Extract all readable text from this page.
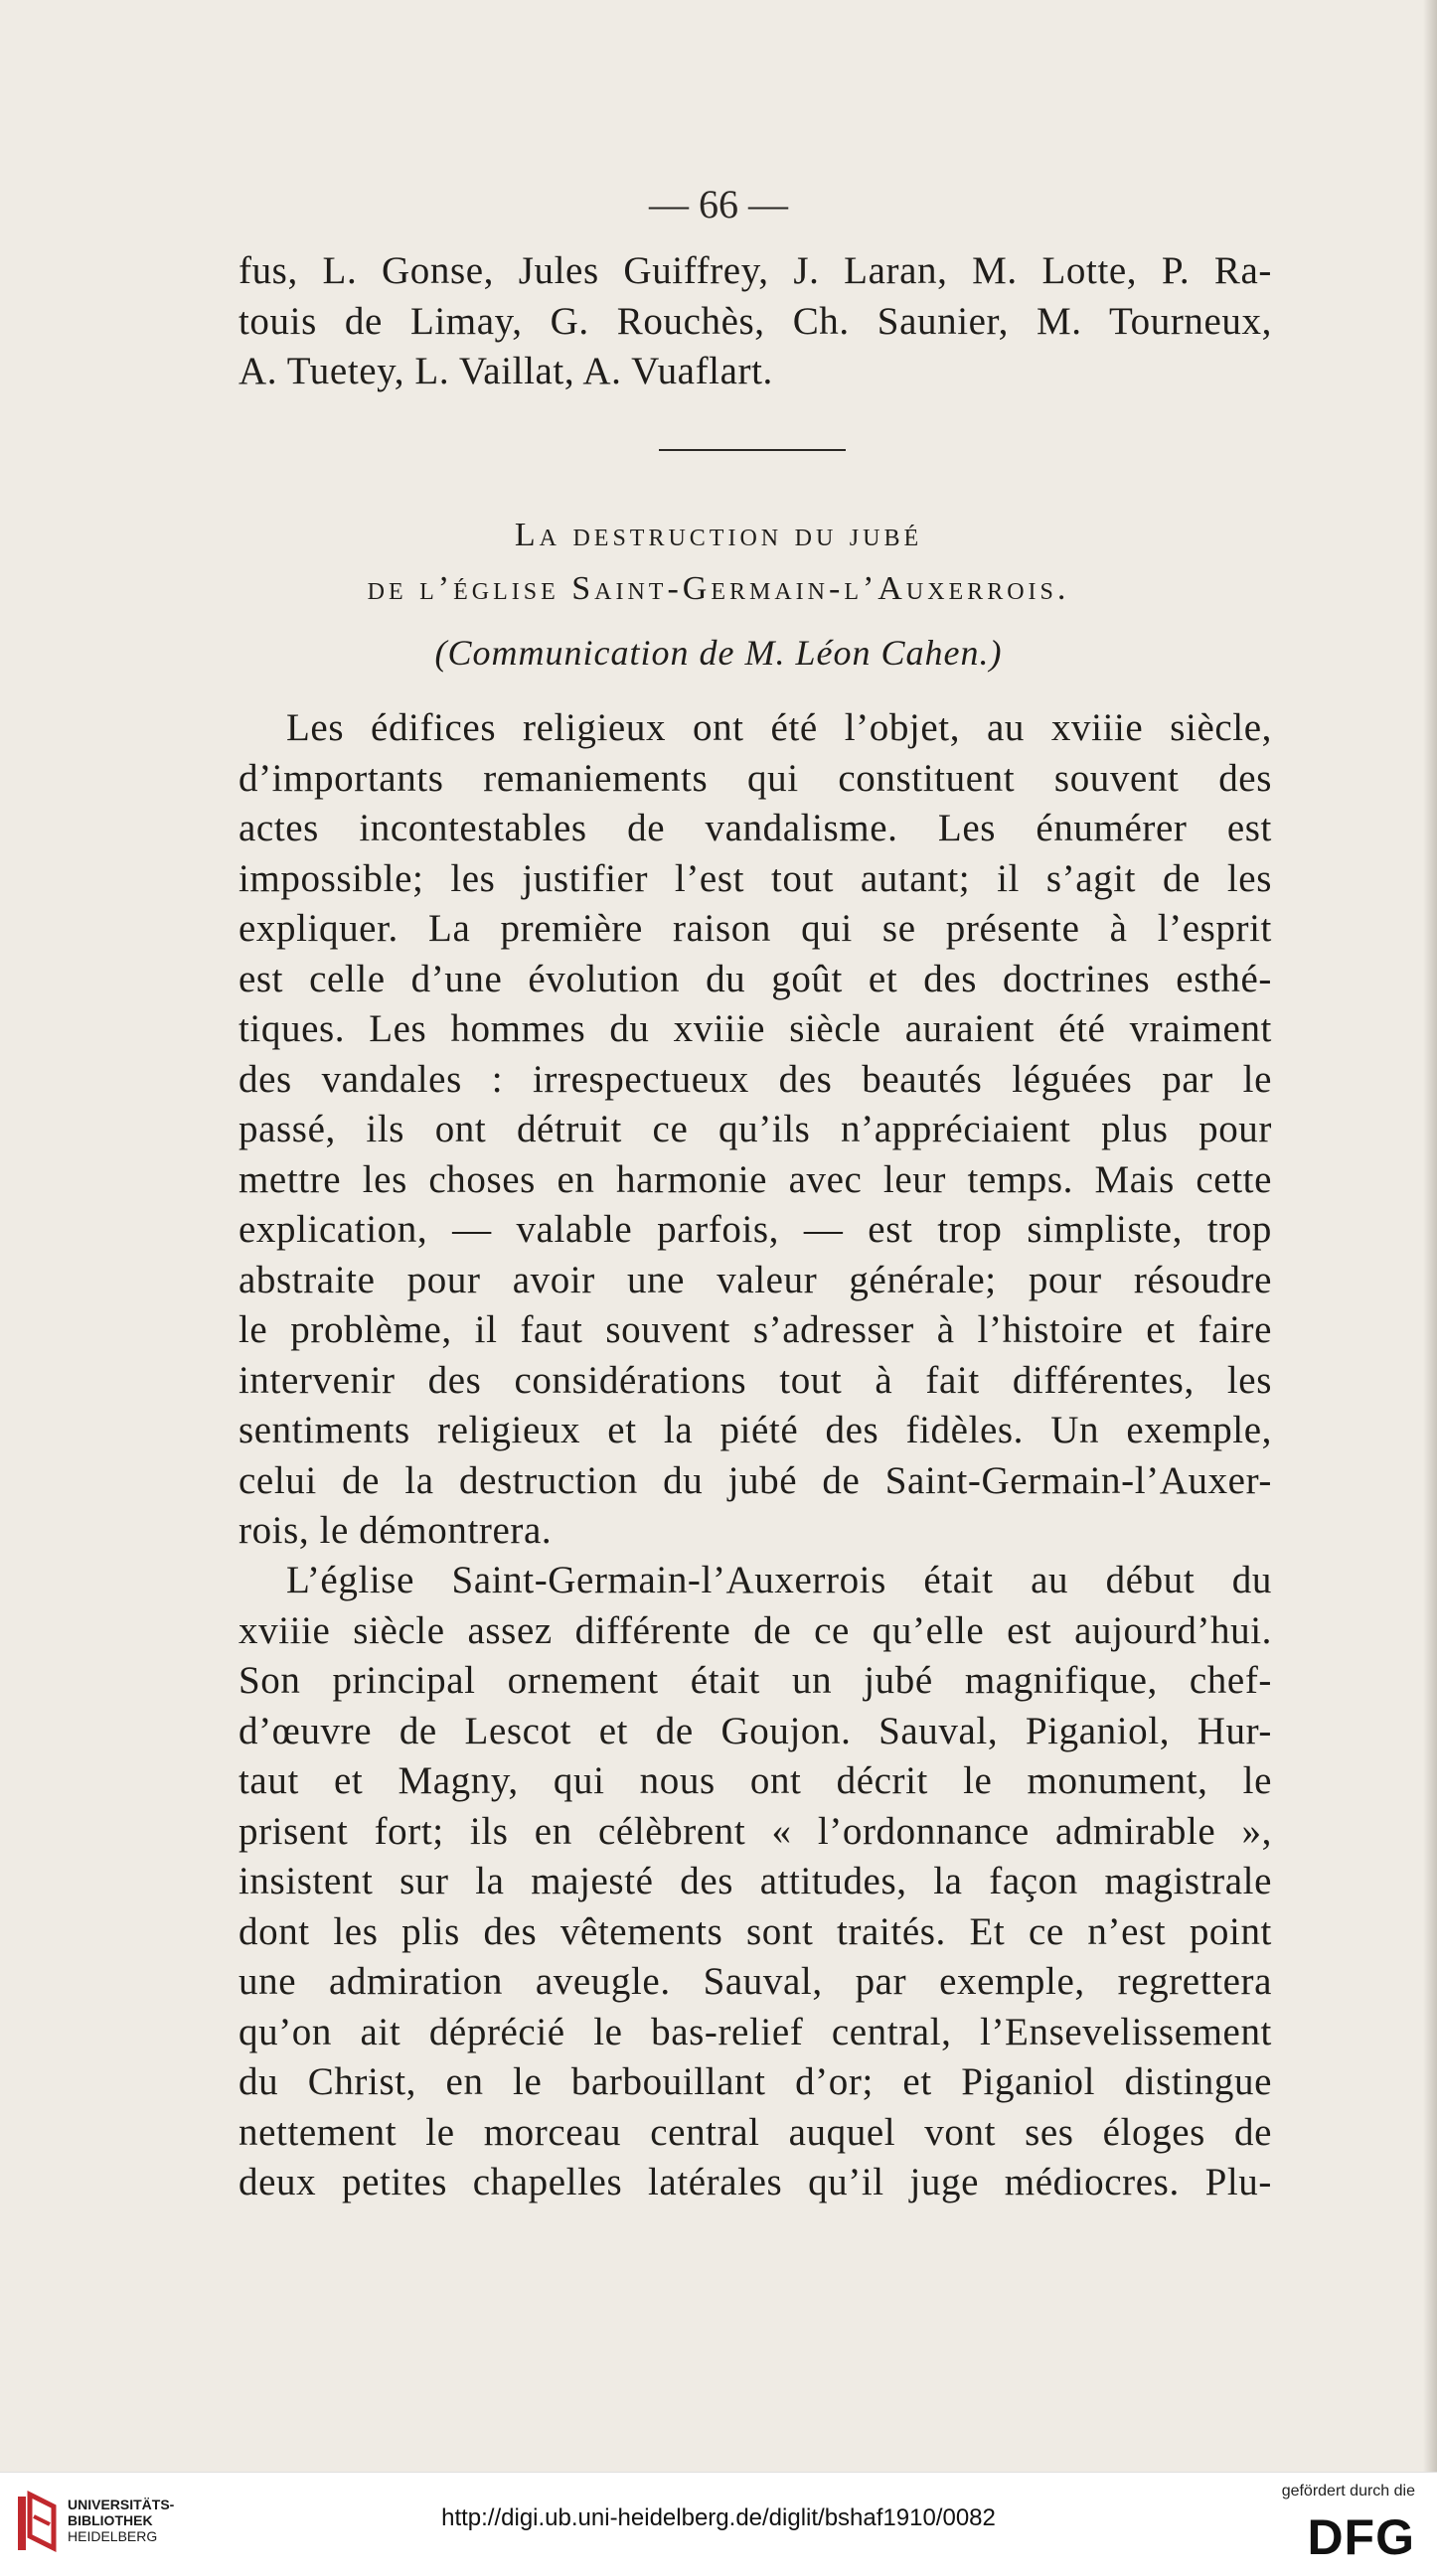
— 66 —
fus, L. Gonse, Jules Guiffrey, J. Laran, M. Lotte, P. Ra-
touis de Limay, G. Rouchès, Ch. Saunier, M. Tourneux,
A. Tuetey, L. Vaillat, A. Vuaflart.
La destruction du jubé
de l’église Saint-Germain-l’Auxerrois.
(Communication de M. Léon Cahen.)
Les édifices religieux ont été l’objet, au xviiie siècle,
d’importants remaniements qui constituent souvent des
actes incontestables de vandalisme. Les énumérer est
impossible; les justifier l’est tout autant; il s’agit de les
expliquer. La première raison qui se présente à l’esprit
est celle d’une évolution du goût et des doctrines esthé-
tiques. Les hommes du xviiie siècle auraient été vraiment
des vandales : irrespectueux des beautés léguées par le
passé, ils ont détruit ce qu’ils n’appréciaient plus pour
mettre les choses en harmonie avec leur temps. Mais cette
explication, — valable parfois, — est trop simpliste, trop
abstraite pour avoir une valeur générale; pour résoudre
le problème, il faut souvent s’adresser à l’histoire et faire
intervenir des considérations tout à fait différentes, les
sentiments religieux et la piété des fidèles. Un exemple,
celui de la destruction du jubé de Saint-Germain-l’Auxer-
rois, le démontrera.
L’église Saint-Germain-l’Auxerrois était au début du
xviiie siècle assez différente de ce qu’elle est aujourd’hui.
Son principal ornement était un jubé magnifique, chef-
d’œuvre de Lescot et de Goujon. Sauval, Piganiol, Hur-
taut et Magny, qui nous ont décrit le monument, le
prisent fort; ils en célèbrent « l’ordonnance admirable »,
insistent sur la majesté des attitudes, la façon magistrale
dont les plis des vêtements sont traités. Et ce n’est point
une admiration aveugle. Sauval, par exemple, regrettera
qu’on ait déprécié le bas-relief central, l’Ensevelissement
du Christ, en le barbouillant d’or; et Piganiol distingue
nettement le morceau central auquel vont ses éloges de
deux petites chapelles latérales qu’il juge médiocres. Plu-
UNIVERSITÄTS-
BIBLIOTHEK
HEIDELBERG
http://digi.ub.uni-heidelberg.de/diglit/bshaf1910/0082
gefördert durch die
DFG
